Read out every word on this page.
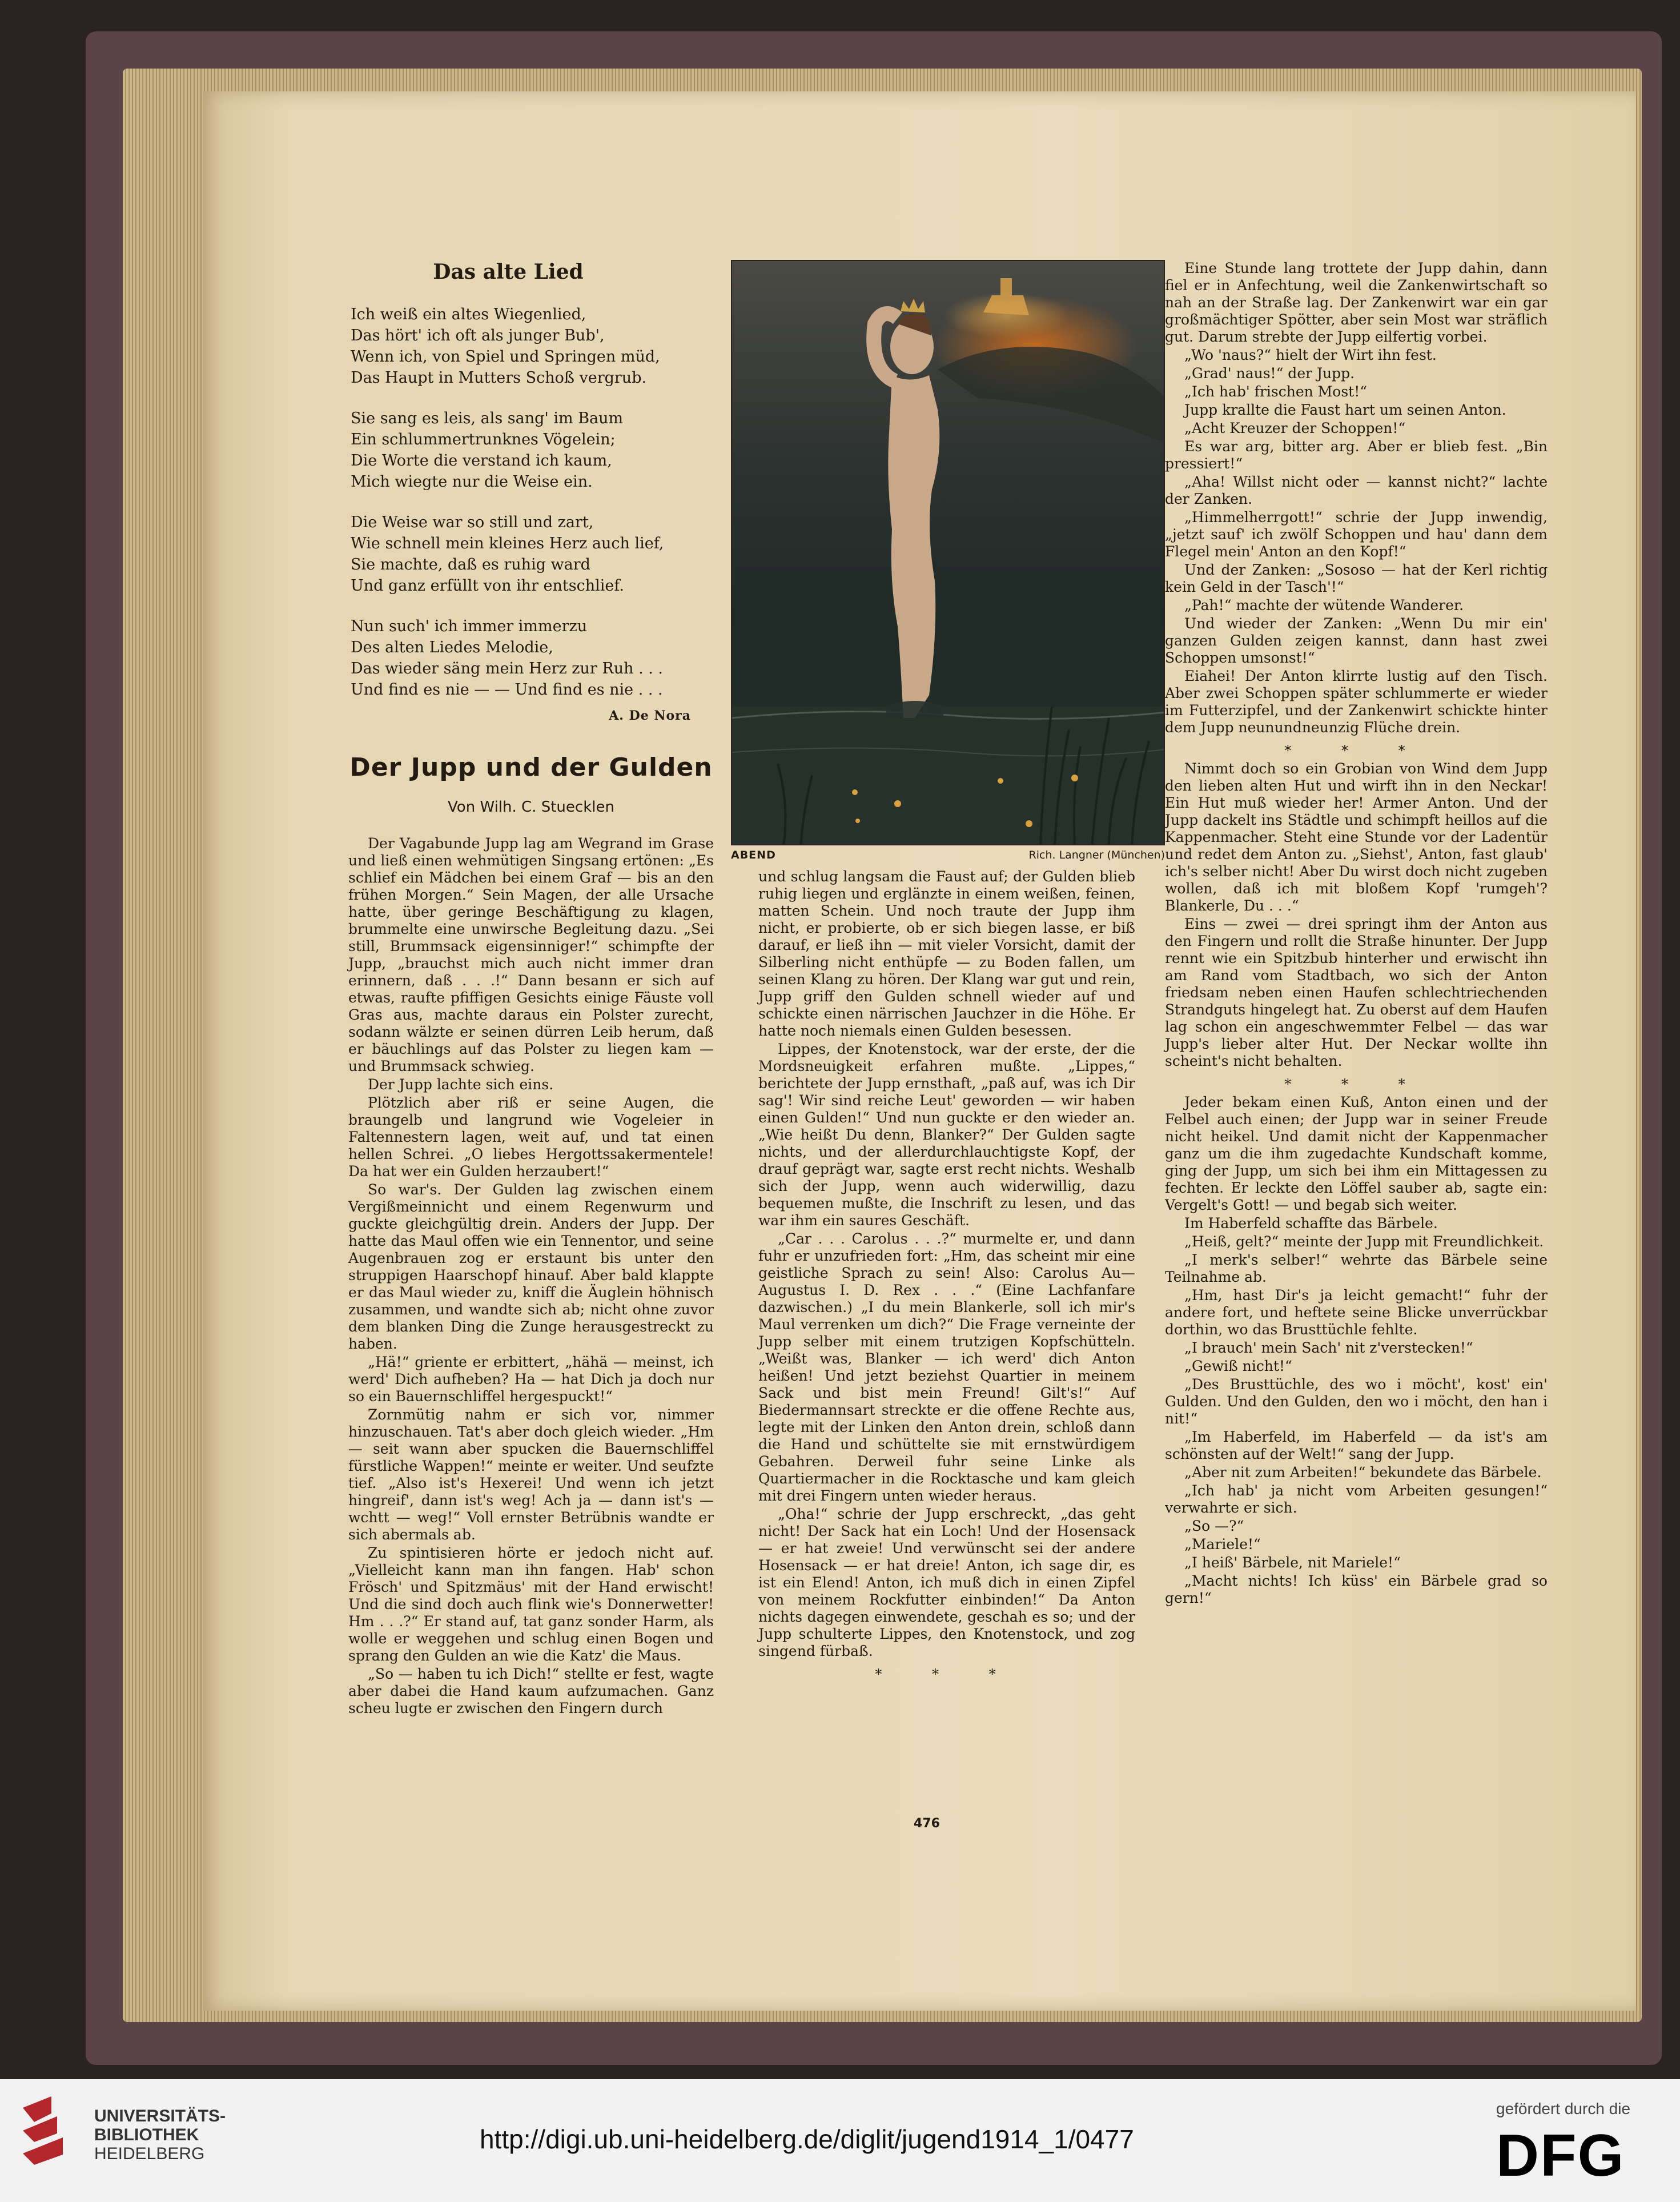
Das alte Lied
Ich weiß ein altes Wiegenlied,
Das hört' ich oft als junger Bub',
Wenn ich, von Spiel und Springen müd,
Das Haupt in Mutters Schoß vergrub.
Sie sang es leis, als sang' im Baum
Ein schlummertrunknes Vögelein;
Die Worte die verstand ich kaum,
Mich wiegte nur die Weise ein.
Die Weise war so still und zart,
Wie schnell mein kleines Herz auch lief,
Sie machte, daß es ruhig ward
Und ganz erfüllt von ihr entschlief.
Nun such' ich immer immerzu
Des alten Liedes Melodie,
Das wieder säng mein Herz zur Ruh . . .
Und find es nie — — Und find es nie . . .
A. De Nora
Der Jupp und der Gulden
Von Wilh. C. Stuecklen

Der Vagabunde Jupp lag am Wegrand im Grase und ließ einen wehmütigen Singsang ertönen: „Es schlief ein Mädchen bei einem Graf — bis an den frühen Morgen.“ Sein Magen, der alle Ursache hatte, über geringe Beschäftigung zu klagen, brummelte eine unwirsche Begleitung dazu. „Sei still, Brummsack eigensinniger!“ schimpfte der Jupp, „brauchst mich auch nicht immer dran erinnern, daß . . .!“ Dann besann er sich auf etwas, raufte pfiffigen Gesichts einige Fäuste voll Gras aus, machte daraus ein Polster zurecht, sodann wälzte er seinen dürren Leib herum, daß er bäuchlings auf das Polster zu liegen kam — und Brummsack schwieg.

Der Jupp lachte sich eins.

Plötzlich aber riß er seine Augen, die braungelb und langrund wie Vogeleier in Faltennestern lagen, weit auf, und tat einen hellen Schrei. „O liebes Hergottssakermentele! Da hat wer ein Gulden herzaubert!“

So war's. Der Gulden lag zwischen einem Vergißmeinnicht und einem Regenwurm und guckte gleichgültig drein. Anders der Jupp. Der hatte das Maul offen wie ein Tennentor, und seine Augenbrauen zog er erstaunt bis unter den struppigen Haarschopf hinauf. Aber bald klappte er das Maul wieder zu, kniff die Äuglein höhnisch zusammen, und wandte sich ab; nicht ohne zuvor dem blanken Ding die Zunge herausgestreckt zu haben.

„Hä!“ griente er erbittert, „hähä — meinst, ich werd' Dich aufheben? Ha — hat Dich ja doch nur so ein Bauernschliffel hergespuckt!“

Zornmütig nahm er sich vor, nimmer hinzuschauen. Tat's aber doch gleich wieder. „Hm — seit wann aber spucken die Bauernschliffel fürstliche Wappen!“ meinte er weiter. Und seufzte tief. „Also ist's Hexerei! Und wenn ich jetzt hingreif', dann ist's weg! Ach ja — dann ist's — wchtt — weg!“ Voll ernster Betrübnis wandte er sich abermals ab.

Zu spintisieren hörte er jedoch nicht auf. „Vielleicht kann man ihn fangen. Hab' schon Frösch' und Spitzmäus' mit der Hand erwischt! Und die sind doch auch flink wie's Donnerwetter! Hm . . .?“ Er stand auf, tat ganz sonder Harm, als wolle er weggehen und schlug einen Bogen und sprang den Gulden an wie die Katz' die Maus.

„So — haben tu ich Dich!“ stellte er fest, wagte aber dabei die Hand kaum aufzumachen. Ganz scheu lugte er zwischen den Fingern durch

ABEND	Rich. Langner (München)

und schlug langsam die Faust auf; der Gulden blieb ruhig liegen und erglänzte in einem weißen, feinen, matten Schein. Und noch traute der Jupp ihm nicht, er probierte, ob er sich biegen lasse, er biß darauf, er ließ ihn — mit vieler Vorsicht, damit der Silberling nicht enthüpfe — zu Boden fallen, um seinen Klang zu hören. Der Klang war gut und rein, Jupp griff den Gulden schnell wieder auf und schickte einen närrischen Jauchzer in die Höhe. Er hatte noch niemals einen Gulden besessen.

Lippes, der Knotenstock, war der erste, der die Mordsneuigkeit erfahren mußte. „Lippes,“ berichtete der Jupp ernsthaft, „paß auf, was ich Dir sag'! Wir sind reiche Leut' geworden — wir haben einen Gulden!“ Und nun guckte er den wieder an. „Wie heißt Du denn, Blanker?“ Der Gulden sagte nichts, und der allerdurchlauchtigste Kopf, der drauf geprägt war, sagte erst recht nichts. Weshalb sich der Jupp, wenn auch widerwillig, dazu bequemen mußte, die Inschrift zu lesen, und das war ihm ein saures Geschäft.

„Car . . . Carolus . . .?“ murmelte er, und dann fuhr er unzufrieden fort: „Hm, das scheint mir eine geistliche Sprach zu sein! Also: Carolus Au—Augustus I. D. Rex . . .“ (Eine Lachfanfare dazwischen.) „I du mein Blankerle, soll ich mir's Maul verrenken um dich?“ Die Frage verneinte der Jupp selber mit einem trutzigen Kopfschütteln. „Weißt was, Blanker — ich werd' dich Anton heißen! Und jetzt beziehst Quartier in meinem Sack und bist mein Freund! Gilt's!“ Auf Biedermannsart streckte er die offene Rechte aus, legte mit der Linken den Anton drein, schloß dann die Hand und schüttelte sie mit ernstwürdigem Gebahren. Derweil fuhr seine Linke als Quartiermacher in die Rocktasche und kam gleich mit drei Fingern unten wieder heraus.

„Oha!“ schrie der Jupp erschreckt, „das geht nicht! Der Sack hat ein Loch! Und der Hosensack — er hat zweie! Und verwünscht sei der andere Hosensack — er hat dreie! Anton, ich sage dir, es ist ein Elend! Anton, ich muß dich in einen Zipfel von meinem Rockfutter einbinden!“ Da Anton nichts dagegen einwendete, geschah es so; und der Jupp schulterte Lippes, den Knotenstock, und zog singend fürbaß.

* * *

Eine Stunde lang trottete der Jupp dahin, dann fiel er in Anfechtung, weil die Zankenwirtschaft so nah an der Straße lag. Der Zankenwirt war ein gar großmächtiger Spötter, aber sein Most war sträflich gut. Darum strebte der Jupp eilfertig vorbei.

„Wo 'naus?“ hielt der Wirt ihn fest.

„Grad' naus!“ der Jupp.

„Ich hab' frischen Most!“

Jupp krallte die Faust hart um seinen Anton.

„Acht Kreuzer der Schoppen!“

Es war arg, bitter arg. Aber er blieb fest. „Bin pressiert!“

„Aha! Willst nicht oder — kannst nicht?“ lachte der Zanken.

„Himmelherrgott!“ schrie der Jupp inwendig, „jetzt sauf' ich zwölf Schoppen und hau' dann dem Flegel mein' Anton an den Kopf!“

Und der Zanken: „Sososo — hat der Kerl richtig kein Geld in der Tasch'!“

„Pah!“ machte der wütende Wanderer.

Und wieder der Zanken: „Wenn Du mir ein' ganzen Gulden zeigen kannst, dann hast zwei Schoppen umsonst!“

Eiahei! Der Anton klirrte lustig auf den Tisch. Aber zwei Schoppen später schlummerte er wieder im Futterzipfel, und der Zankenwirt schickte hinter dem Jupp neunundneunzig Flüche drein.

* * *

Nimmt doch so ein Grobian von Wind dem Jupp den lieben alten Hut und wirft ihn in den Neckar! Ein Hut muß wieder her! Armer Anton. Und der Jupp dackelt ins Städtle und schimpft heillos auf die Kappenmacher. Steht eine Stunde vor der Ladentür und redet dem Anton zu. „Siehst', Anton, fast glaub' ich's selber nicht! Aber Du wirst doch nicht zugeben wollen, daß ich mit bloßem Kopf 'rumgeh'? Blankerle, Du . . .“

Eins — zwei — drei springt ihm der Anton aus den Fingern und rollt die Straße hinunter. Der Jupp rennt wie ein Spitzbub hinterher und erwischt ihn am Rand vom Stadtbach, wo sich der Anton friedsam neben einen Haufen schlechtriechenden Strandguts hingelegt hat. Zu oberst auf dem Haufen lag schon ein angeschwemmter Felbel — das war Jupp's lieber alter Hut. Der Neckar wollte ihn scheint's nicht behalten.

* * *

Jeder bekam einen Kuß, Anton einen und der Felbel auch einen; der Jupp war in seiner Freude nicht heikel. Und damit nicht der Kappenmacher ganz um die ihm zugedachte Kundschaft komme, ging der Jupp, um sich bei ihm ein Mittagessen zu fechten. Er leckte den Löffel sauber ab, sagte ein: Vergelt's Gott! — und begab sich weiter.

Im Haberfeld schaffte das Bärbele.

„Heiß, gelt?“ meinte der Jupp mit Freundlichkeit.

„I merk's selber!“ wehrte das Bärbele seine Teilnahme ab.

„Hm, hast Dir's ja leicht gemacht!“ fuhr der andere fort, und heftete seine Blicke unverrückbar dorthin, wo das Brusttüchle fehlte.

„I brauch' mein Sach' nit z'verstecken!“

„Gewiß nicht!“

„Des Brusttüchle, des wo i möcht', kost' ein' Gulden. Und den Gulden, den wo i möcht, den han i nit!“

„Im Haberfeld, im Haberfeld — da ist's am schönsten auf der Welt!“ sang der Jupp.

„Aber nit zum Arbeiten!“ bekundete das Bärbele.

„Ich hab' ja nicht vom Arbeiten gesungen!“ verwahrte er sich.

„So —?“

„Mariele!“

„I heiß' Bärbele, nit Mariele!“

„Macht nichts! Ich küss' ein Bärbele grad so gern!“

476
UNIVERSITÄTS-
BIBLIOTHEK
HEIDELBERG	http://digi.ub.uni-heidelberg.de/diglit/jugend1914_1/0477
gefördert durch die
DFG
